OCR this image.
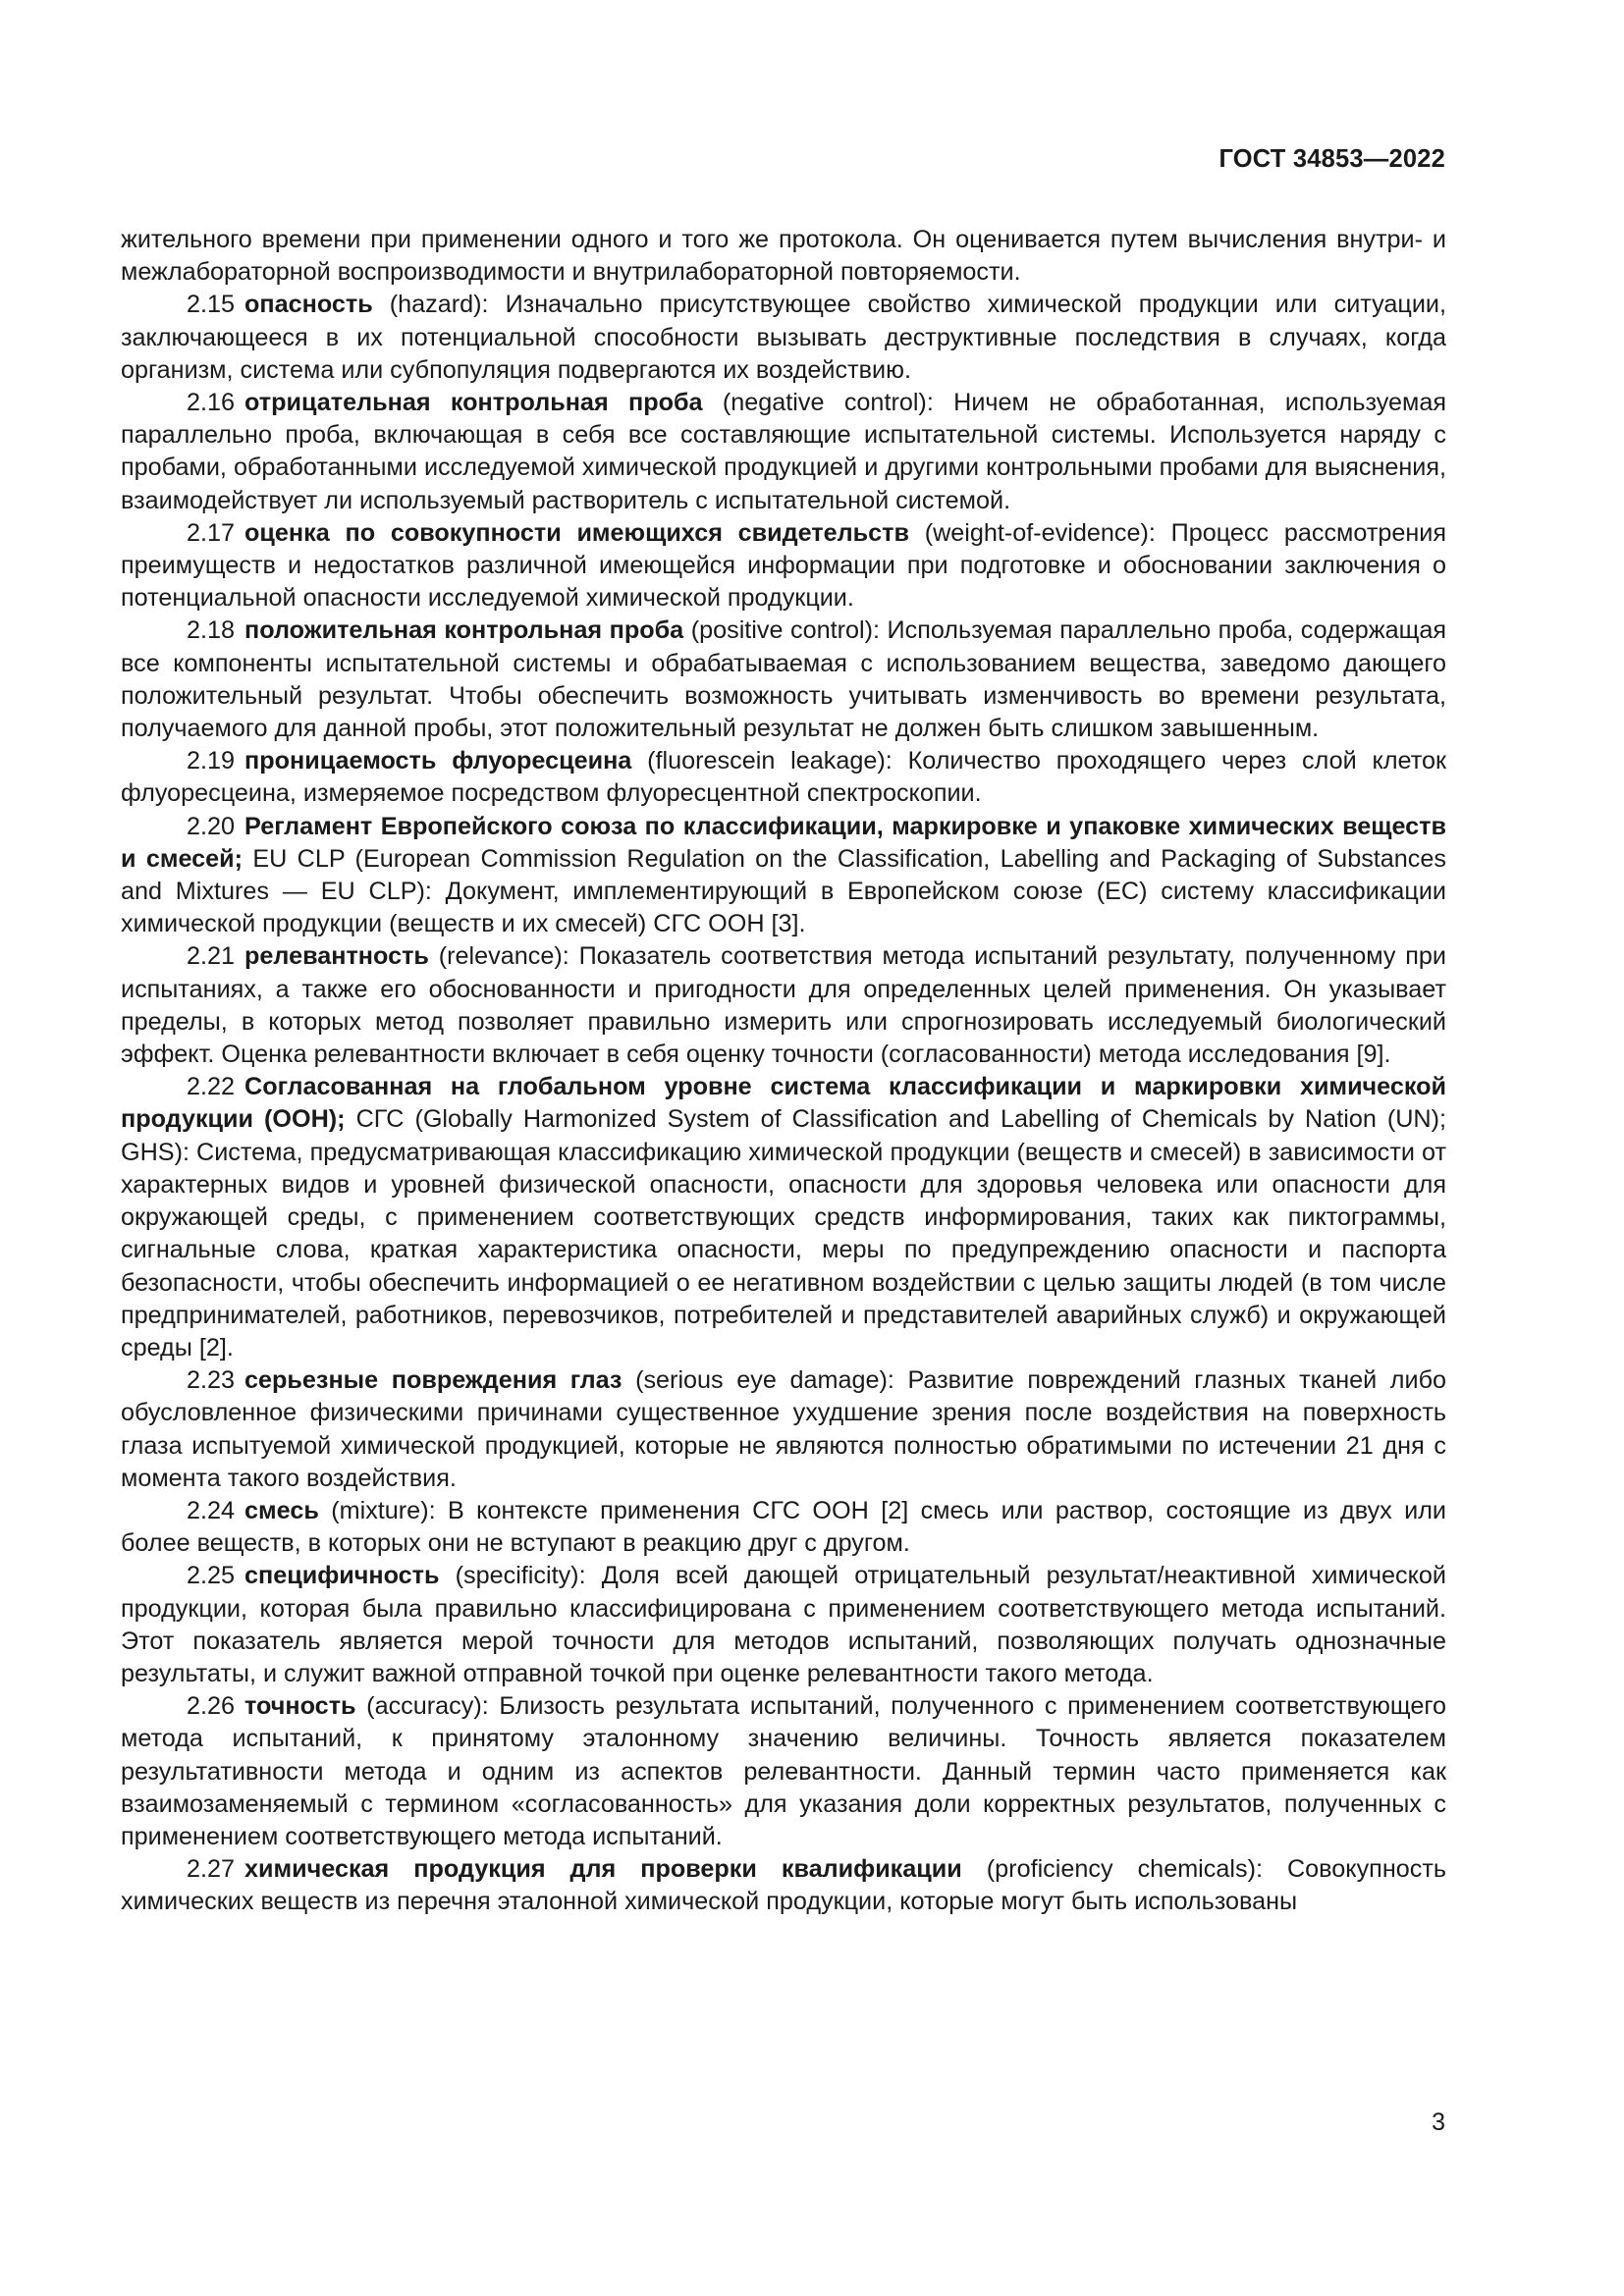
ГОСТ 34853—2022

жительного времени при применении одного и того же протокола. Он оценивается путем вычисления внутри- и межлабораторной воспроизводимости и внутрилабораторной повторяемости.

2.15 опасность (hazard): Изначально присутствующее свойство химической продукции или ситуации, заключающееся в их потенциальной способности вызывать деструктивные последствия в случаях, когда организм, система или субпопуляция подвергаются их воздействию.

2.16 отрицательная контрольная проба (negative control): Ничем не обработанная, используемая параллельно проба, включающая в себя все составляющие испытательной системы. Используется наряду с пробами, обработанными исследуемой химической продукцией и другими контрольными пробами для выяснения, взаимодействует ли используемый растворитель с испытательной системой.

2.17 оценка по совокупности имеющихся свидетельств (weight-of-evidence): Процесс рассмотрения преимуществ и недостатков различной имеющейся информации при подготовке и обосновании заключения о потенциальной опасности исследуемой химической продукции.

2.18 положительная контрольная проба (positive control): Используемая параллельно проба, содержащая все компоненты испытательной системы и обрабатываемая с использованием вещества, заведомо дающего положительный результат. Чтобы обеспечить возможность учитывать изменчивость во времени результата, получаемого для данной пробы, этот положительный результат не должен быть слишком завышенным.

2.19 проницаемость флуоресцеина (fluorescein leakage): Количество проходящего через слой клеток флуоресцеина, измеряемое посредством флуоресцентной спектроскопии.

2.20 Регламент Европейского союза по классификации, маркировке и упаковке химических веществ и смесей; EU CLP (European Commission Regulation on the Classification, Labelling and Packaging of Substances and Mixtures — EU CLP): Документ, имплементирующий в Европейском союзе (ЕС) систему классификации химической продукции (веществ и их смесей) СГС ООН [3].

2.21 релевантность (relevance): Показатель соответствия метода испытаний результату, полученному при испытаниях, а также его обоснованности и пригодности для определенных целей применения. Он указывает пределы, в которых метод позволяет правильно измерить или спрогнозировать исследуемый биологический эффект. Оценка релевантности включает в себя оценку точности (согласованности) метода исследования [9].

2.22 Согласованная на глобальном уровне система классификации и маркировки химической продукции (ООН); СГС (Globally Harmonized System of Classification and Labelling of Chemicals by Nation (UN); GHS): Система, предусматривающая классификацию химической продукции (веществ и смесей) в зависимости от характерных видов и уровней физической опасности, опасности для здоровья человека или опасности для окружающей среды, с применением соответствующих средств информирования, таких как пиктограммы, сигнальные слова, краткая характеристика опасности, меры по предупреждению опасности и паспорта безопасности, чтобы обеспечить информацией о ее негативном воздействии с целью защиты людей (в том числе предпринимателей, работников, перевозчиков, потребителей и представителей аварийных служб) и окружающей среды [2].

2.23 серьезные повреждения глаз (serious eye damage): Развитие повреждений глазных тканей либо обусловленное физическими причинами существенное ухудшение зрения после воздействия на поверхность глаза испытуемой химической продукцией, которые не являются полностью обратимыми по истечении 21 дня с момента такого воздействия.

2.24 смесь (mixture): В контексте применения СГС ООН [2] смесь или раствор, состоящие из двух или более веществ, в которых они не вступают в реакцию друг с другом.

2.25 специфичность (specificity): Доля всей дающей отрицательный результат/неактивной химической продукции, которая была правильно классифицирована с применением соответствующего метода испытаний. Этот показатель является мерой точности для методов испытаний, позволяющих получать однозначные результаты, и служит важной отправной точкой при оценке релевантности такого метода.

2.26 точность (accuracy): Близость результата испытаний, полученного с применением соответствующего метода испытаний, к принятому эталонному значению величины. Точность является показателем результативности метода и одним из аспектов релевантности. Данный термин часто применяется как взаимозаменяемый с термином «согласованность» для указания доли корректных результатов, полученных с применением соответствующего метода испытаний.

2.27 химическая продукция для проверки квалификации (proficiency chemicals): Совокупность химических веществ из перечня эталонной химической продукции, которые могут быть использованы

3
